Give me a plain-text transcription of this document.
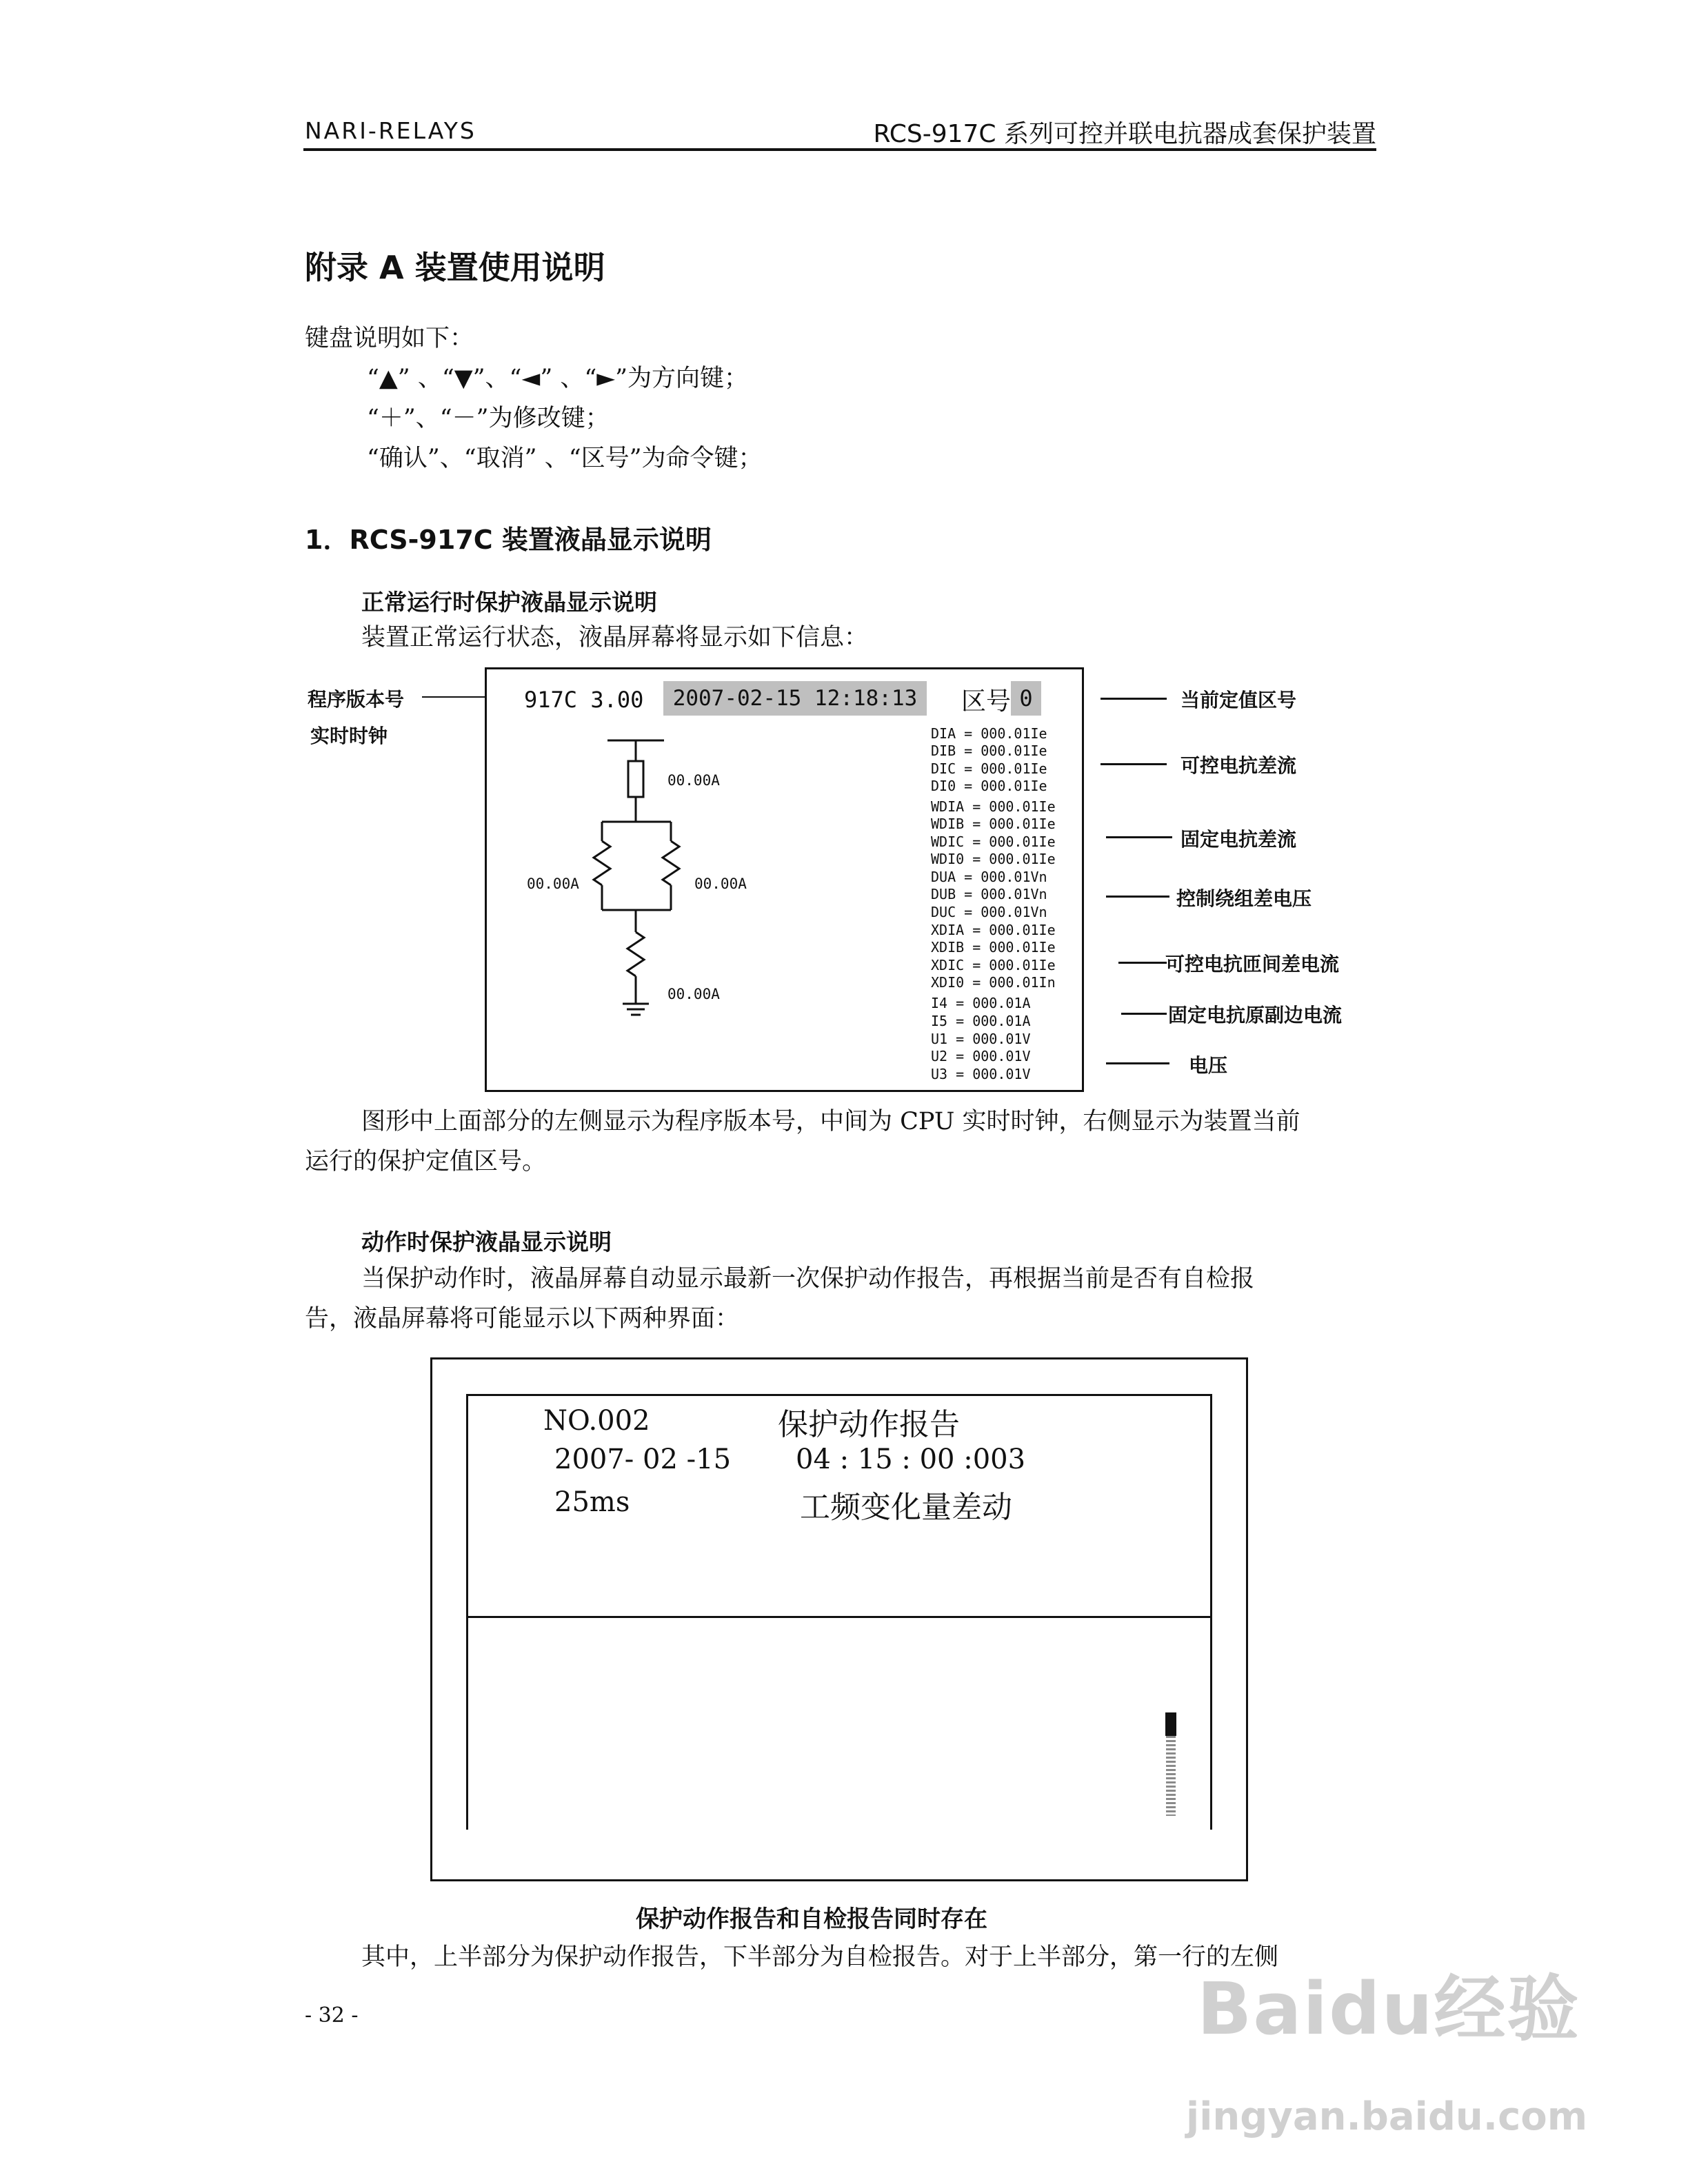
NARI-RELAYS	RCS-917C 系列可控并联电抗器成套保护装置
附录 A 装置使用说明
键盘说明如下：
“▲” 、“▼”、“◄” 、“►”为方向键；
“＋”、“－”为修改键；
“确认”、“取消” 、“区号”为命令键；
1．RCS-917C 装置液晶显示说明
正常运行时保护液晶显示说明
装置正常运行状态，液晶屏幕将显示如下信息：
程序版本号
实时时钟
917C 3.00	2007-02-15 12:18:13	区号 0
00.00A
00.00A	00.00A
00.00A
DIA = 000.01Ie
DIB = 000.01Ie
DIC = 000.01Ie
DI0 = 000.01Ie
WDIA = 000.01Ie
WDIB = 000.01Ie
WDIC = 000.01Ie
WDI0 = 000.01Ie
DUA = 000.01Vn
DUB = 000.01Vn
DUC = 000.01Vn
XDIA = 000.01Ie
XDIB = 000.01Ie
XDIC = 000.01Ie
XDI0 = 000.01In
I4 = 000.01A
I5 = 000.01A
U1 = 000.01V
U2 = 000.01V
U3 = 000.01V
当前定值区号
可控电抗差流
固定电抗差流
控制绕组差电压
可控电抗匝间差电流
固定电抗原副边电流
电压
图形中上面部分的左侧显示为程序版本号，中间为 CPU 实时时钟，右侧显示为装置当前
运行的保护定值区号。
动作时保护液晶显示说明
当保护动作时，液晶屏幕自动显示最新一次保护动作报告，再根据当前是否有自检报
告，液晶屏幕将可能显示以下两种界面：
NO.002	保护动作报告
2007- 02 -15 04 : 15 : 00 :003
25ms	工频变化量差动
保护动作报告和自检报告同时存在
其中，上半部分为保护动作报告，下半部分为自检报告。对于上半部分，第一行的左侧
- 32 -	Baidu经验
jingyan.baidu.com
